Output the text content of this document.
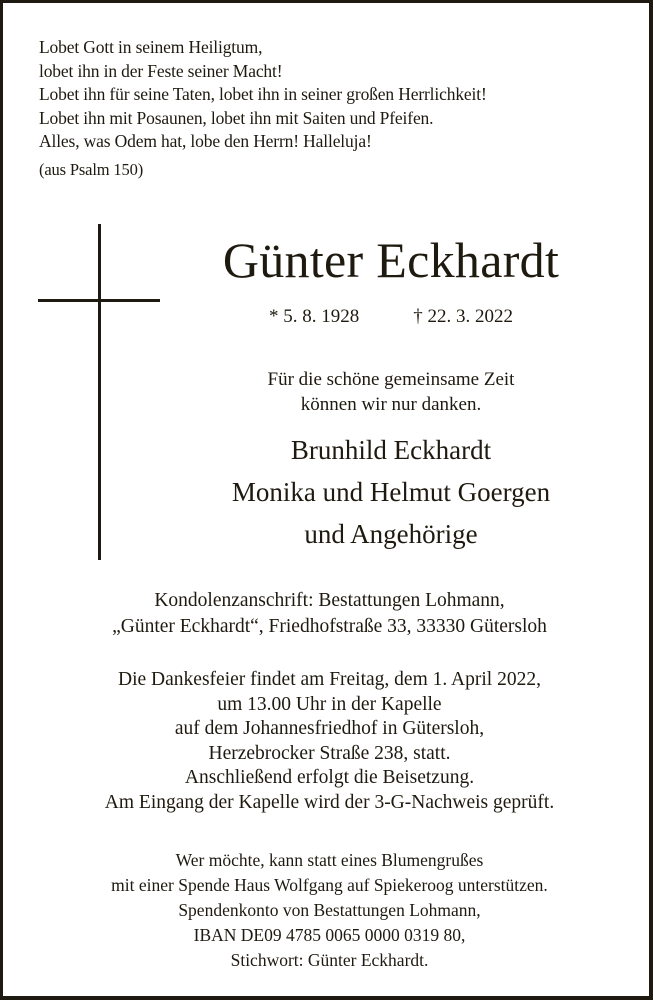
Lobet Gott in seinem Heiligtum,
lobet ihn in der Feste seiner Macht!
Lobet ihn für seine Taten, lobet ihn in seiner großen Herrlichkeit!
Lobet ihn mit Posaunen, lobet ihn mit Saiten und Pfeifen.
Alles, was Odem hat, lobe den Herrn! Halleluja!
(aus Psalm 150)
Günter Eckhardt
* 5. 8. 1928	† 22. 3. 2022
Für die schöne gemeinsame Zeit
können wir nur danken.
Brunhild Eckhardt
Monika und Helmut Goergen
und Angehörige
Kondolenzanschrift: Bestattungen Lohmann,
„Günter Eckhardt“, Friedhofstraße 33, 33330 Gütersloh
Die Dankesfeier findet am Freitag, dem 1. April 2022,
um 13.00 Uhr in der Kapelle
auf dem Johannesfriedhof in Gütersloh,
Herzebrocker Straße 238, statt.
Anschließend erfolgt die Beisetzung.
Am Eingang der Kapelle wird der 3-G-Nachweis geprüft.
Wer möchte, kann statt eines Blumengrußes
mit einer Spende Haus Wolfgang auf Spiekeroog unterstützen.
Spendenkonto von Bestattungen Lohmann,
IBAN DE09 4785 0065 0000 0319 80,
Stichwort: Günter Eckhardt.
